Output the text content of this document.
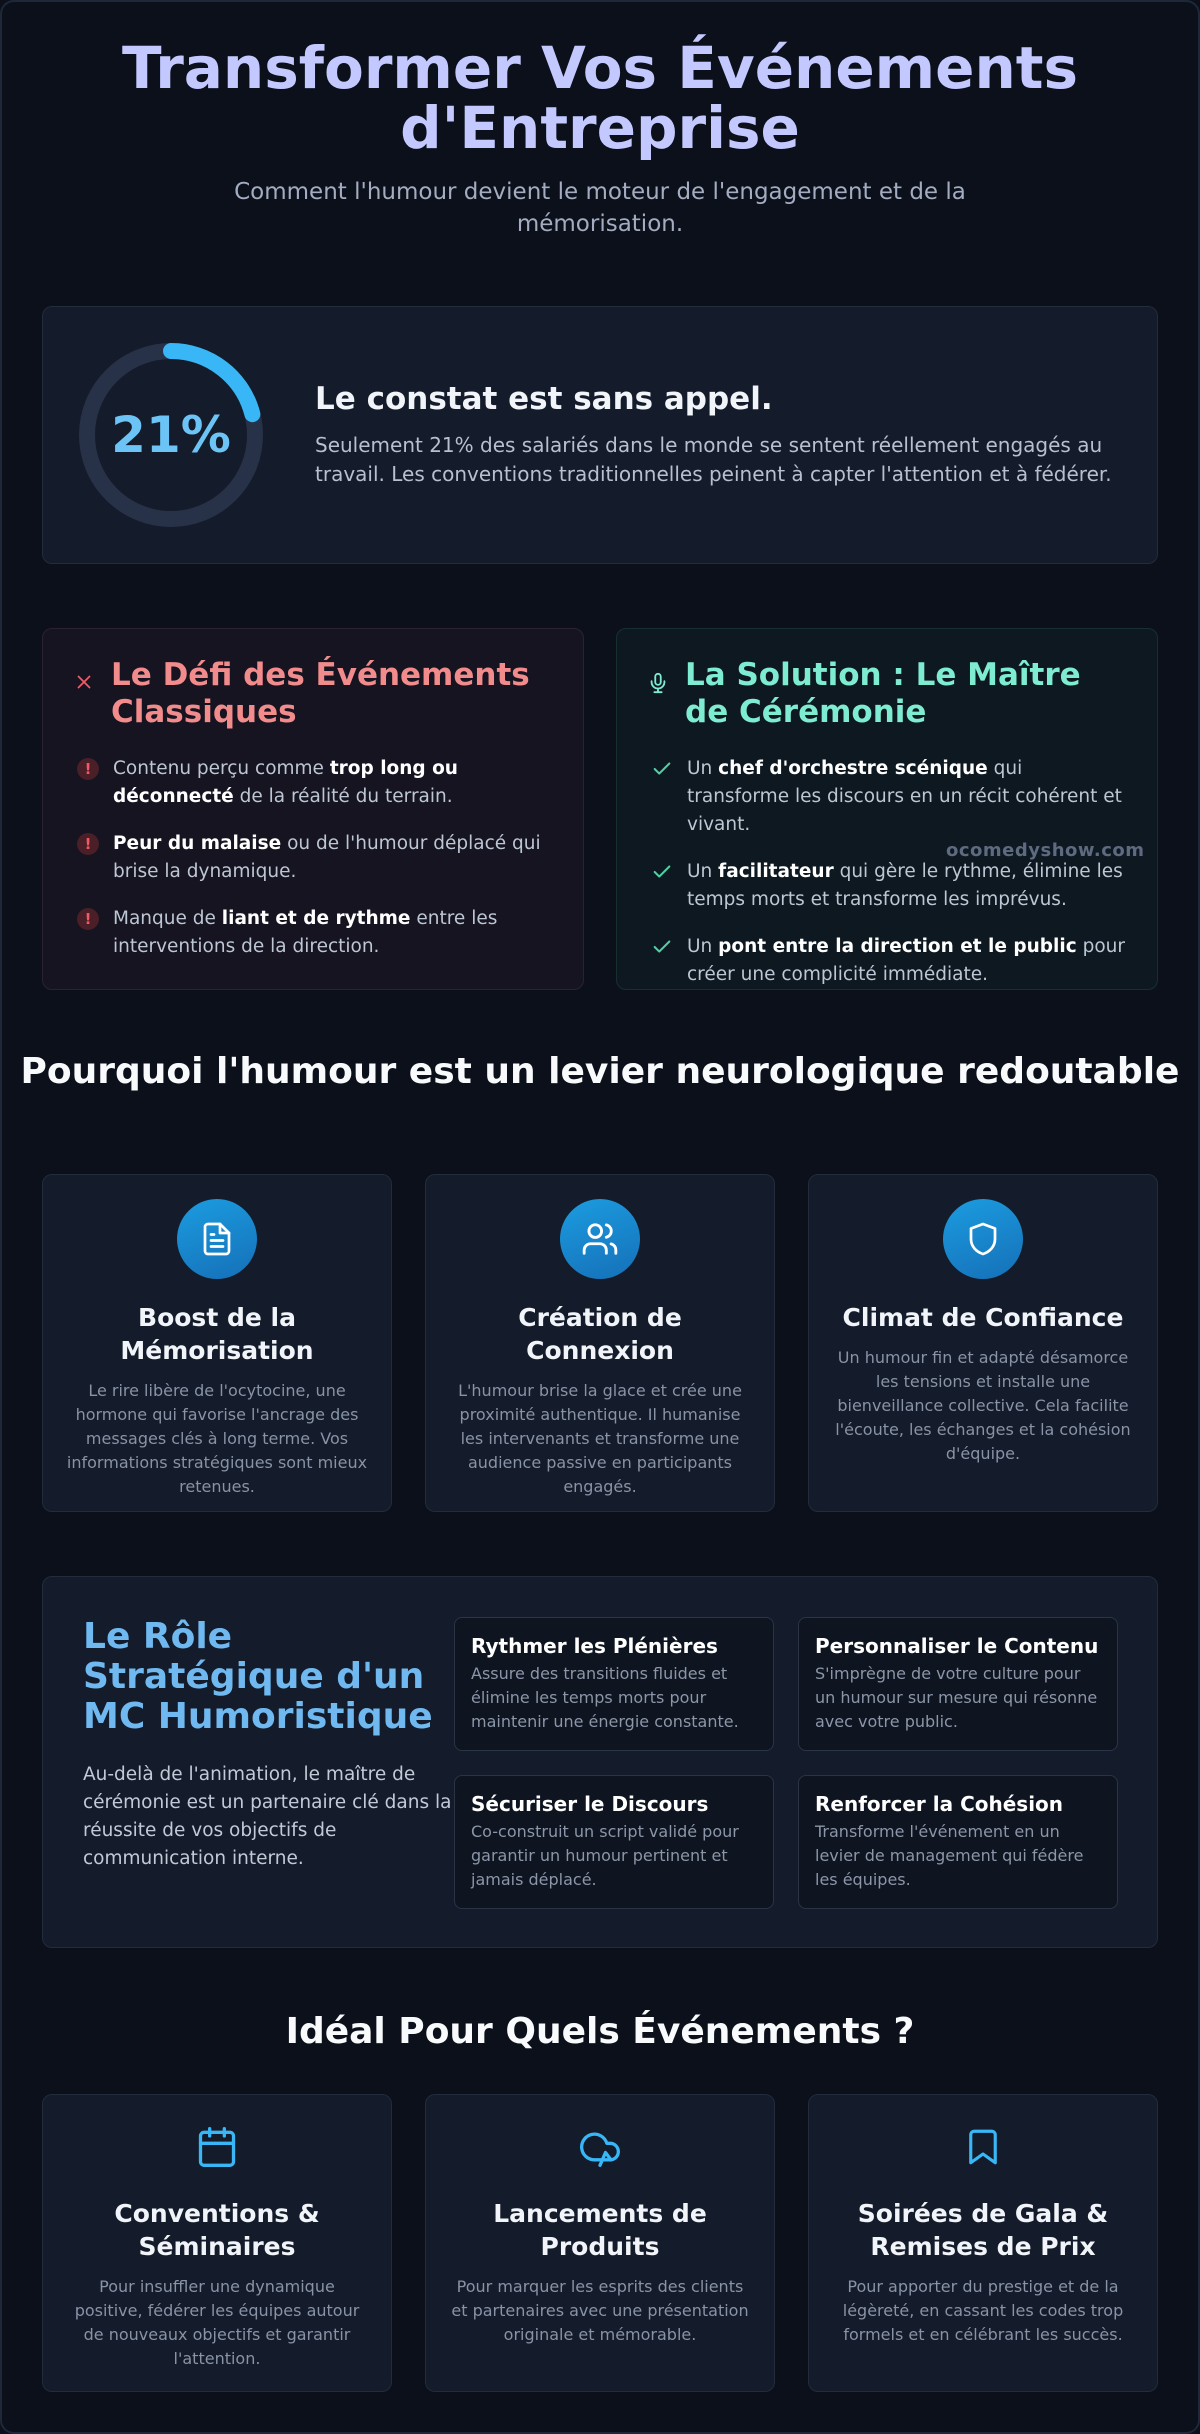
Transformer Vos Événements d'Entreprise

Comment l'humour devient le moteur de l'engagement et de la mémorisation.

21%
Le constat est sans appel.

Seulement 21% des salariés dans le monde se sentent réellement engagés au travail. Les conventions traditionnelles peinent à capter l'attention et à fédérer.

Le Défi des Événements Classiques
!	Contenu perçu comme trop long ou déconnecté de la réalité du terrain.
!	Peur du malaise ou de l'humour déplacé qui brise la dynamique.
!	Manque de liant et de rythme entre les interventions de la direction.
La Solution : Le Maître de Cérémonie
Un chef d'orchestre scénique qui transforme les discours en un récit cohérent et vivant.
Un facilitateur qui gère le rythme, élimine les temps morts et transforme les imprévus.
Un pont entre la direction et le public pour créer une complicité immédiate.
ocomedyshow.com
Pourquoi l'humour est un levier neurologique redoutable
Boost de la Mémorisation

Le rire libère de l'ocytocine, une hormone qui favorise l'ancrage des messages clés à long terme. Vos informations stratégiques sont mieux retenues.

Création de Connexion

L'humour brise la glace et crée une proximité authentique. Il humanise les intervenants et transforme une audience passive en participants engagés.

Climat de Confiance

Un humour fin et adapté désamorce les tensions et installe une bienveillance collective. Cela facilite l'écoute, les échanges et la cohésion d'équipe.

Le Rôle Stratégique d'un MC Humoristique

Au-delà de l'animation, le maître de cérémonie est un partenaire clé dans la réussite de vos objectifs de communication interne.

Rythmer les Plénières

Assure des transitions fluides et élimine les temps morts pour maintenir une énergie constante.

Personnaliser le Contenu

S'imprègne de votre culture pour un humour sur mesure qui résonne avec votre public.

Sécuriser le Discours

Co-construit un script validé pour garantir un humour pertinent et jamais déplacé.

Renforcer la Cohésion

Transforme l'événement en un levier de management qui fédère les équipes.

Idéal Pour Quels Événements ?
Conventions & Séminaires

Pour insuffler une dynamique positive, fédérer les équipes autour de nouveaux objectifs et garantir l'attention.

Lancements de Produits

Pour marquer les esprits des clients et partenaires avec une présentation originale et mémorable.

Soirées de Gala & Remises de Prix

Pour apporter du prestige et de la légèreté, en cassant les codes trop formels et en célébrant les succès.
